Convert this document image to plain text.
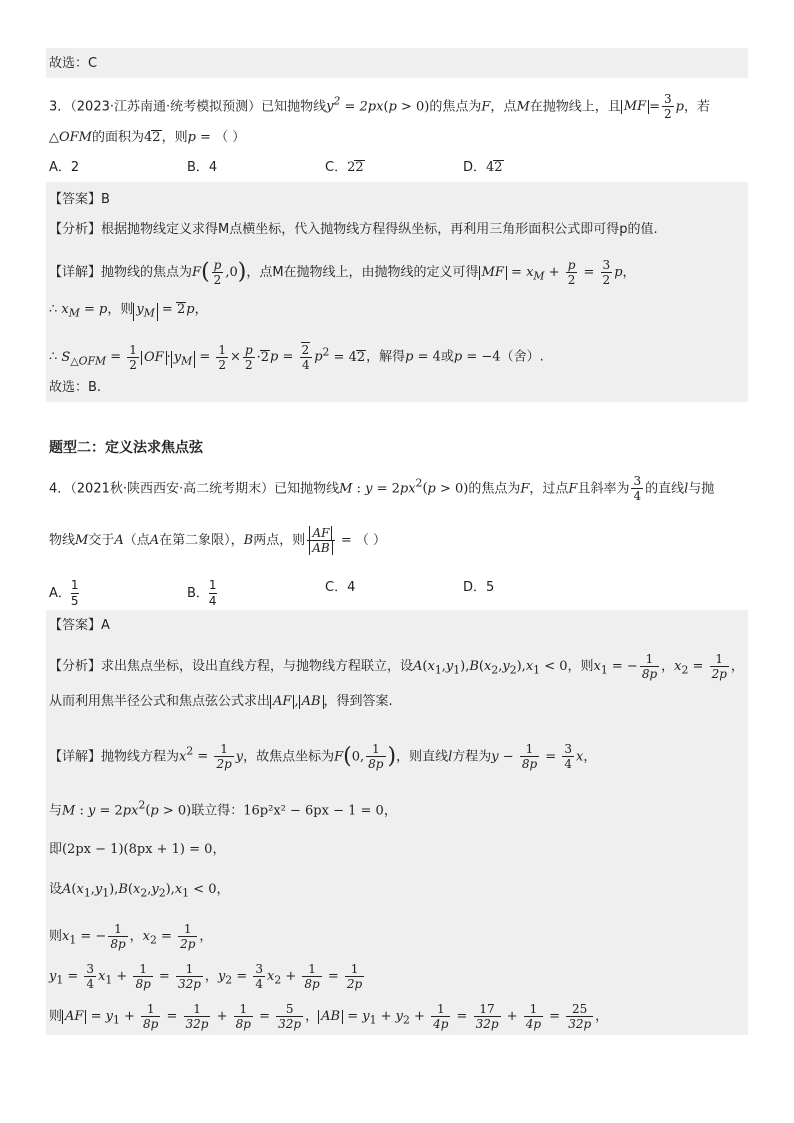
故选：C
3．（2023·江苏南通·统考模拟预测）已知抛物线$y^2 = 2px(p > 0)$的焦点为F，点M在抛物线上，且 MF = $\frac{3}{2}$ p，若
△OFM的面积为42，则p = （ ）
A．2	B．4	C．22	D．42
【答案】B
【分析】根据抛物线定义求得M点横坐标，代入抛物线方程得纵坐标，再利用三角形面积公式即可得p的值.
【详解】抛物线的焦点为$F( \frac{p}{2} ,0)$，点M在抛物线上，由抛物线的定义可得 MF = $x_M + \frac{p}{2} = \frac{3}{2}$ p，
∴ $x_M = p$，则 $y_M = 2p$，
∴ $S_{\triangle OFM} = \frac{1}{2}$ OF · $y_M = \frac{1}{2} \times \frac{p}{2} \cdot 2p = \frac{2}{4} p^2 = 42$，解得p = 4或p = −4（舍）.
故选：B.
题型二：定义法求焦点弦
4．（2021秋·陕西西安·高二统考期末）已知抛物线M : $y = 2px^2(p > 0)$的焦点为F，过点F且斜率为 $\frac{3}{4}$ 的直线l与抛
物线M交于A（点A在第二象限），B两点，则 $\frac{AF}{AB}$ = （ ）
A． $\frac{1}{5}$	B． $\frac{1}{4}$	C．4	D．5
【答案】A
【分析】求出焦点坐标，设出直线方程，与抛物线方程联立，设$A(x_1,y_1),B(x_2,y_2),x_1 < 0$，则$x_1$ = − $\frac{1}{8p}$ ，$x_2 = \frac{1}{2p}$ ，
从而利用焦半径公式和焦点弦公式求出 AF , AB ，得到答案.
【详解】抛物线方程为$x^2 = \frac{1}{2p}$ y，故焦点坐标为F(0, $\frac{1}{8p}$ )，则直线l方程为$y - \frac{1}{8p} = \frac{3}{4}$ x，
与M : $y = 2px^2(p > 0)$联立得：16p²x² − 6px − 1 = 0，
即(2px − 1)(8px + 1) = 0，
设$A(x_1,y_1),B(x_2,y_2),x_1 < 0$，
则$x_1$ = − $\frac{1}{8p}$ ，$x_2 = \frac{1}{2p}$ ，
$y_1 = \frac{3}{4} x_1 + \frac{1}{8p} = \frac{1}{32p}$ ，$y_2 = \frac{3}{4} x_2 + \frac{1}{8p} = \frac{1}{2p}$
则 AF = $y_1 + \frac{1}{8p} = \frac{1}{32p} + \frac{1}{8p} = \frac{5}{32p}$ ， AB = $y_1 + y_2 + \frac{1}{4p} = \frac{17}{32p} + \frac{1}{4p} = \frac{25}{32p}$ ，
